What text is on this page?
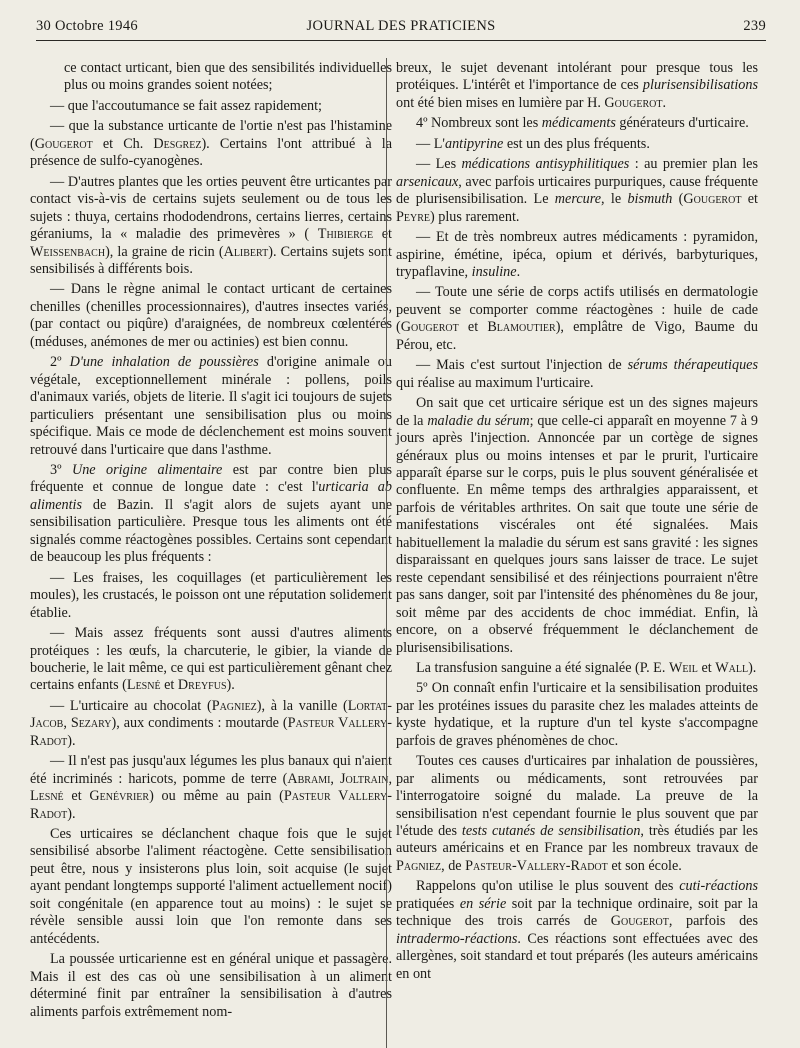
30 Octobre 1946	JOURNAL DES PRATICIENS	239

ce contact urticant, bien que des sensibilités individuelles plus ou moins grandes soient notées;

— que l'accoutumance se fait assez rapidement;

— que la substance urticante de l'ortie n'est pas l'histamine (Gougerot et Ch. Desgrez). Certains l'ont attribué à la présence de sulfo-cyanogènes.

— D'autres plantes que les orties peuvent être urticantes par contact vis-à-vis de certains sujets seulement ou de tous les sujets : thuya, certains rhododendrons, certains lierres, certains géraniums, la « maladie des primevères » ( Thibierge et Weissenbach), la graine de ricin (Alibert). Certains sujets sont sensibilisés à différents bois.

— Dans le règne animal le contact urticant de certaines chenilles (chenilles processionnaires), d'autres insectes variés, (par contact ou piqûre) d'araignées, de nombreux cœlentérés (méduses, anémones de mer ou actinies) est bien connu.

2º D'une inhalation de poussières d'origine animale ou végétale, exceptionnellement minérale : pollens, poils d'animaux variés, objets de literie. Il s'agit ici toujours de sujets particuliers présentant une sensibilisation plus ou moins spécifique. Mais ce mode de déclenchement est moins souvent retrouvé dans l'urticaire que dans l'asthme.

3º Une origine alimentaire est par contre bien plus fréquente et connue de longue date : c'est l'urticaria ab alimentis de Bazin. Il s'agit alors de sujets ayant une sensibilisation particulière. Presque tous les aliments ont été signalés comme réactogènes possibles. Certains sont cependant de beaucoup les plus fréquents :

— Les fraises, les coquillages (et particulièrement les moules), les crustacés, le poisson ont une réputation solidement établie.

— Mais assez fréquents sont aussi d'autres aliments protéiques : les œufs, la charcuterie, le gibier, la viande de boucherie, le lait même, ce qui est particulièrement gênant chez certains enfants (Lesné et Dreyfus).

— L'urticaire au chocolat (Pagniez), à la vanille (Lortat-Jacob, Sezary), aux condiments : moutarde (Pasteur Vallery-Radot).

— Il n'est pas jusqu'aux légumes les plus banaux qui n'aient été incriminés : haricots, pomme de terre (Abrami, Joltrain, Lesné et Genévrier) ou même au pain (Pasteur Vallery-Radot).

Ces urticaires se déclanchent chaque fois que le sujet sensibilisé absorbe l'aliment réactogène. Cette sensibilisation peut être, nous y insisterons plus loin, soit acquise (le sujet ayant pendant longtemps supporté l'aliment actuellement nocif) soit congénitale (en apparence tout au moins) : le sujet se révèle sensible aussi loin que l'on remonte dans ses antécédents.

La poussée urticarienne est en général unique et passagère. Mais il est des cas où une sensibilisation à un aliment déterminé finit par entraîner la sensibilisation à d'autres aliments parfois extrêmement nom-

breux, le sujet devenant intolérant pour presque tous les protéiques. L'intérêt et l'importance de ces plurisensibilisations ont été bien mises en lumière par H. Gougerot.

4º Nombreux sont les médicaments générateurs d'urticaire.

— L'antipyrine est un des plus fréquents.

— Les médications antisyphilitiques : au premier plan les arsenicaux, avec parfois urticaires purpuriques, cause fréquente de plurisensibilisation. Le mercure, le bismuth (Gougerot et Peyre) plus rarement.

— Et de très nombreux autres médicaments : pyramidon, aspirine, émétine, ipéca, opium et dérivés, barbyturiques, trypaflavine, insuline.

— Toute une série de corps actifs utilisés en dermatologie peuvent se comporter comme réactogènes : huile de cade (Gougerot et Blamoutier), emplâtre de Vigo, Baume du Pérou, etc.

— Mais c'est surtout l'injection de sérums thérapeutiques qui réalise au maximum l'urticaire.

On sait que cet urticaire sérique est un des signes majeurs de la maladie du sérum; que celle-ci apparaît en moyenne 7 à 9 jours après l'injection. Annoncée par un cortège de signes généraux plus ou moins intenses et par le prurit, l'urticaire apparaît éparse sur le corps, puis le plus souvent généralisée et confluente. En même temps des arthralgies apparaissent, et parfois de véritables arthrites. On sait que toute une série de manifestations viscérales ont été signalées. Mais habituellement la maladie du sérum est sans gravité : les signes disparaissant en quelques jours sans laisser de trace. Le sujet reste cependant sensibilisé et des réinjections pourraient n'être pas sans danger, soit par l'intensité des phénomènes du 8e jour, soit même par des accidents de choc immédiat. Enfin, là encore, on a observé fréquemment le déclanchement de plurisensibilisations.

La transfusion sanguine a été signalée (P. E. Weil et Wall).

5º On connaît enfin l'urticaire et la sensibilisation produites par les protéines issues du parasite chez les malades atteints de kyste hydatique, et la rupture d'un tel kyste s'accompagne parfois de graves phénomènes de choc.

Toutes ces causes d'urticaires par inhalation de poussières, par aliments ou médicaments, sont retrouvées par l'interrogatoire soigné du malade. La preuve de la sensibilisation n'est cependant fournie le plus souvent que par l'étude des tests cutanés de sensibilisation, très étudiés par les auteurs américains et en France par les nombreux travaux de Pagniez, de Pasteur-Vallery-Radot et son école.

Rappelons qu'on utilise le plus souvent des cuti-réactions pratiquées en série soit par la technique ordinaire, soit par la technique des trois carrés de Gougerot, parfois des intradermo-réactions. Ces réactions sont effectuées avec des allergènes, soit standard et tout préparés (les auteurs américains en ont
